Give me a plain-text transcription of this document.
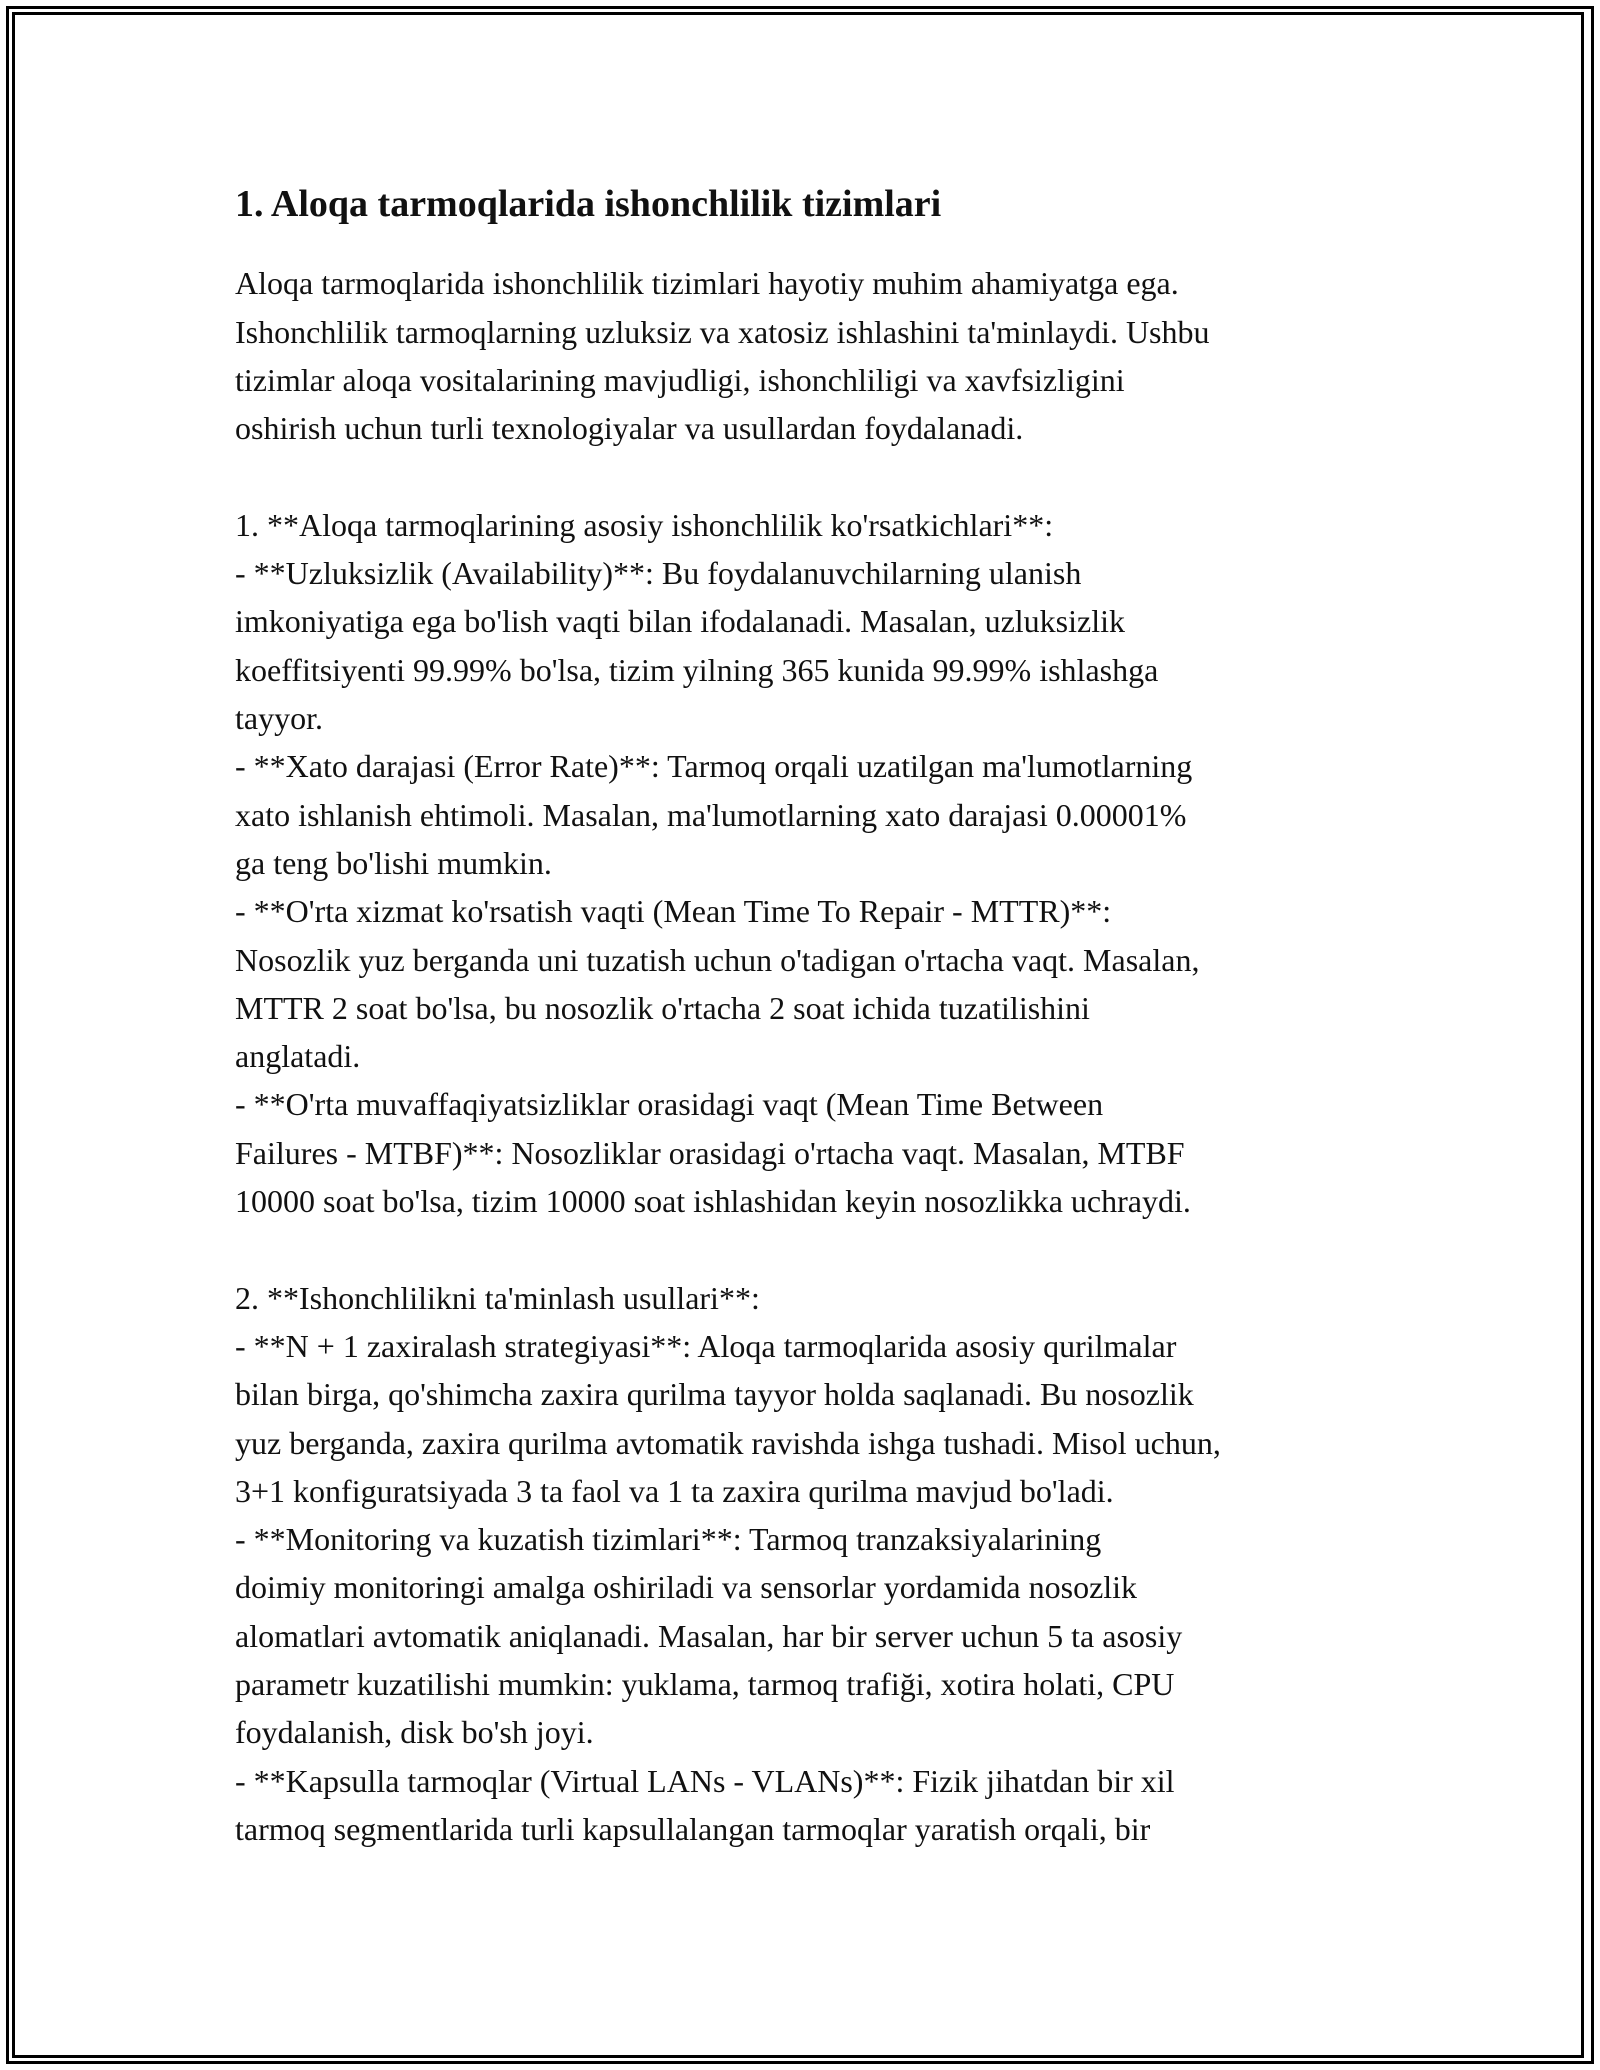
1. Aloqa tarmoqlarida ishonchlilik tizimlari

Aloqa tarmoqlarida ishonchlilik tizimlari hayotiy muhim ahamiyatga ega.
Ishonchlilik tarmoqlarning uzluksiz va xatosiz ishlashini ta'minlaydi. Ushbu
tizimlar aloqa vositalarining mavjudligi, ishonchliligi va xavfsizligini
oshirish uchun turli texnologiyalar va usullardan foydalanadi.

1. **Aloqa tarmoqlarining asosiy ishonchlilik ko'rsatkichlari**:

- **Uzluksizlik (Availability)**: Bu foydalanuvchilarning ulanish
imkoniyatiga ega bo'lish vaqti bilan ifodalanadi. Masalan, uzluksizlik
koeffitsiyenti 99.99% bo'lsa, tizim yilning 365 kunida 99.99% ishlashga
tayyor.

- **Xato darajasi (Error Rate)**: Tarmoq orqali uzatilgan ma'lumotlarning
xato ishlanish ehtimoli. Masalan, ma'lumotlarning xato darajasi 0.00001%
ga teng bo'lishi mumkin.

- **O'rta xizmat ko'rsatish vaqti (Mean Time To Repair - MTTR)**:
Nosozlik yuz berganda uni tuzatish uchun o'tadigan o'rtacha vaqt. Masalan,
MTTR 2 soat bo'lsa, bu nosozlik o'rtacha 2 soat ichida tuzatilishini
anglatadi.

- **O'rta muvaffaqiyatsizliklar orasidagi vaqt (Mean Time Between
Failures - MTBF)**: Nosozliklar orasidagi o'rtacha vaqt. Masalan, MTBF
10000 soat bo'lsa, tizim 10000 soat ishlashidan keyin nosozlikka uchraydi.

2. **Ishonchlilikni ta'minlash usullari**:

- **N + 1 zaxiralash strategiyasi**: Aloqa tarmoqlarida asosiy qurilmalar
bilan birga, qo'shimcha zaxira qurilma tayyor holda saqlanadi. Bu nosozlik
yuz berganda, zaxira qurilma avtomatik ravishda ishga tushadi. Misol uchun,
3+1 konfiguratsiyada 3 ta faol va 1 ta zaxira qurilma mavjud bo'ladi.

- **Monitoring va kuzatish tizimlari**: Tarmoq tranzaksiyalarining
doimiy monitoringi amalga oshiriladi va sensorlar yordamida nosozlik
alomatlari avtomatik aniqlanadi. Masalan, har bir server uchun 5 ta asosiy
parametr kuzatilishi mumkin: yuklama, tarmoq trafiği, xotira holati, CPU
foydalanish, disk bo'sh joyi.

- **Kapsulla tarmoqlar (Virtual LANs - VLANs)**: Fizik jihatdan bir xil
tarmoq segmentlarida turli kapsullalangan tarmoqlar yaratish orqali, bir
